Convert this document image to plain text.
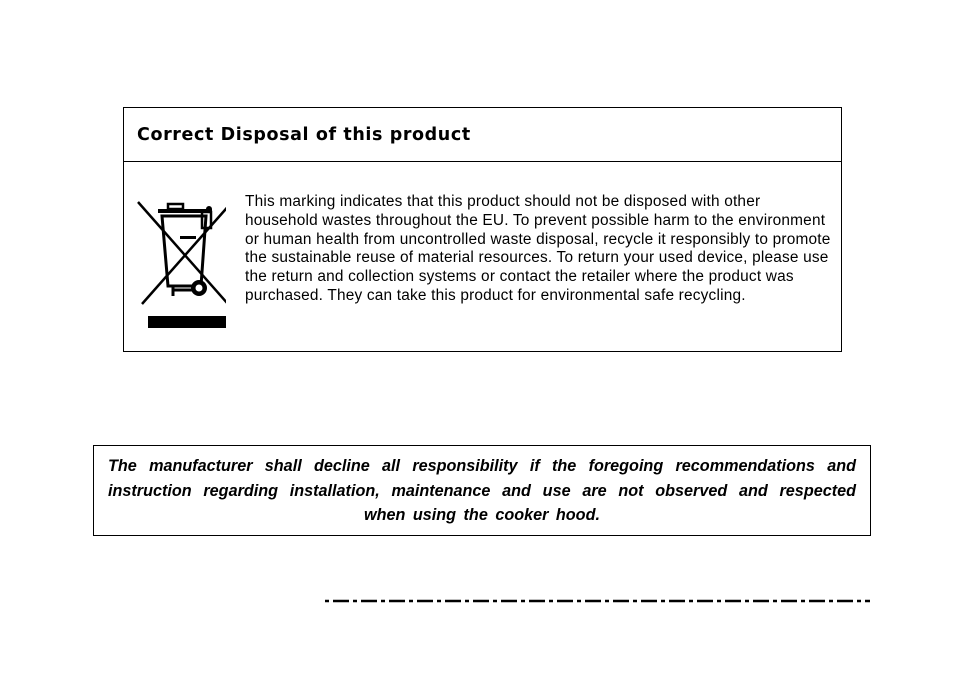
Correct Disposal of this product

This marking indicates that this product should not be disposed with other household wastes throughout the EU. To prevent possible harm to the environment or human health from uncontrolled waste disposal, recycle it responsibly to promote the sustainable reuse of material resources. To return your used device, please use the return and collection systems or contact the retailer where the product was purchased. They can take this product for environmental safe recycling.

The manufacturer shall decline all responsibility if the foregoing recommendations and instruction regarding installation, maintenance and use are not observed and respected when using the cooker hood.
